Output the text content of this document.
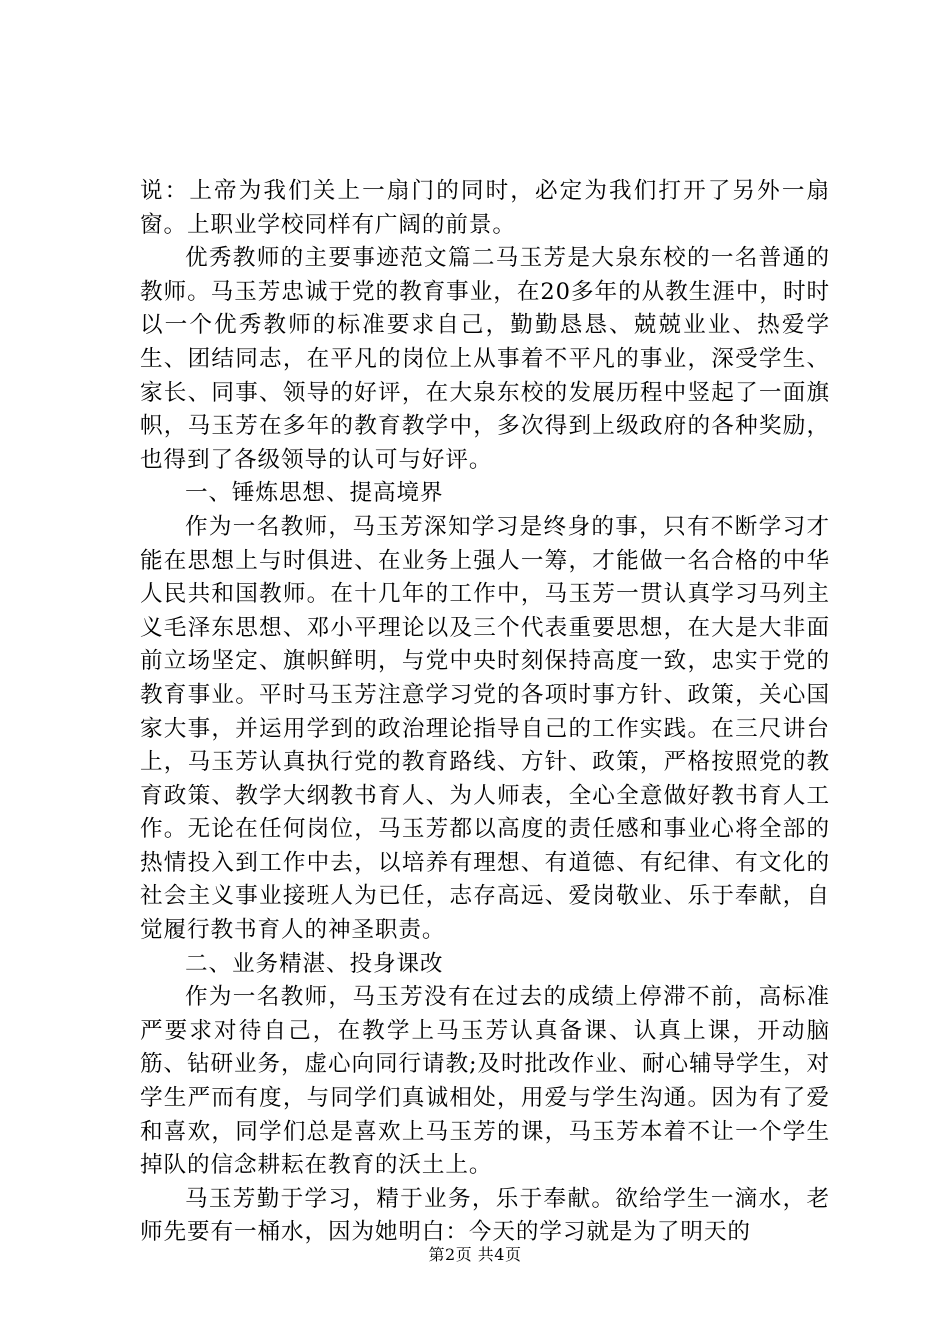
说：上帝为我们关上一扇门的同时，必定为我们打开了另外一扇窗。上职业学校同样有广阔的前景。

优秀教师的主要事迹范文篇二马玉芳是大泉东校的一名普通的教师。马玉芳忠诚于党的教育事业，在20多年的从教生涯中，时时以一个优秀教师的标准要求自己，勤勤恳恳、兢兢业业、热爱学生、团结同志，在平凡的岗位上从事着不平凡的事业，深受学生、家长、同事、领导的好评，在大泉东校的发展历程中竖起了一面旗帜，马玉芳在多年的教育教学中，多次得到上级政府的各种奖励，也得到了各级领导的认可与好评。

一、锤炼思想、提高境界

作为一名教师，马玉芳深知学习是终身的事，只有不断学习才能在思想上与时俱进、在业务上强人一筹，才能做一名合格的中华人民共和国教师。在十几年的工作中，马玉芳一贯认真学习马列主义毛泽东思想、邓小平理论以及三个代表重要思想，在大是大非面前立场坚定、旗帜鲜明，与党中央时刻保持高度一致，忠实于党的教育事业。平时马玉芳注意学习党的各项时事方针、政策，关心国家大事，并运用学到的政治理论指导自己的工作实践。在三尺讲台上，马玉芳认真执行党的教育路线、方针、政策，严格按照党的教育政策、教学大纲教书育人、为人师表，全心全意做好教书育人工作。无论在任何岗位，马玉芳都以高度的责任感和事业心将全部的热情投入到工作中去，以培养有理想、有道德、有纪律、有文化的社会主义事业接班人为已任，志存高远、爱岗敬业、乐于奉献，自觉履行教书育人的神圣职责。

二、业务精湛、投身课改

作为一名教师，马玉芳没有在过去的成绩上停滞不前，高标准严要求对待自己，在教学上马玉芳认真备课、认真上课，开动脑筋、钻研业务，虚心向同行请教;及时批改作业、耐心辅导学生，对学生严而有度，与同学们真诚相处，用爱与学生沟通。因为有了爱和喜欢，同学们总是喜欢上马玉芳的课，马玉芳本着不让一个学生掉队的信念耕耘在教育的沃土上。

马玉芳勤于学习，精于业务，乐于奉献。欲给学生一滴水，老师先要有一桶水，因为她明白：今天的学习就是为了明天的

第2页 共4页
